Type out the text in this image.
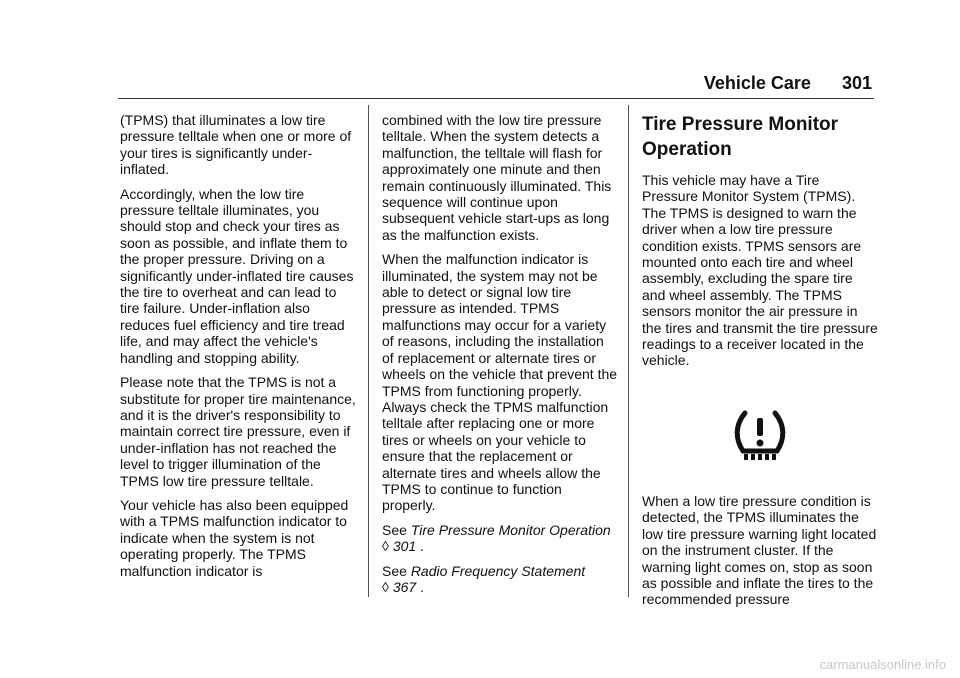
Vehicle Care 301

(TPMS) that illuminates a low tire pressure telltale when one or more of your tires is significantly under-inflated.

Accordingly, when the low tire pressure telltale illuminates, you should stop and check your tires as soon as possible, and inflate them to the proper pressure. Driving on a significantly under-inflated tire causes the tire to overheat and can lead to tire failure. Under-inflation also reduces fuel efficiency and tire tread life, and may affect the vehicle's handling and stopping ability.

Please note that the TPMS is not a substitute for proper tire maintenance, and it is the driver's responsibility to maintain correct tire pressure, even if under-inflation has not reached the level to trigger illumination of the TPMS low tire pressure telltale.

Your vehicle has also been equipped with a TPMS malfunction indicator to indicate when the system is not operating properly. The TPMS malfunction indicator is

combined with the low tire pressure telltale. When the system detects a malfunction, the telltale will flash for approximately one minute and then remain continuously illuminated. This sequence will continue upon subsequent vehicle start-ups as long as the malfunction exists.

When the malfunction indicator is illuminated, the system may not be able to detect or signal low tire pressure as intended. TPMS malfunctions may occur for a variety of reasons, including the installation of replacement or alternate tires or wheels on the vehicle that prevent the TPMS from functioning properly. Always check the TPMS malfunction telltale after replacing one or more tires or wheels on your vehicle to ensure that the replacement or alternate tires and wheels allow the TPMS to continue to function properly.

See Tire Pressure Monitor Operation ◊ 301 .

See Radio Frequency Statement
◊ 367 .

Tire Pressure Monitor Operation

This vehicle may have a Tire Pressure Monitor System (TPMS). The TPMS is designed to warn the driver when a low tire pressure condition exists. TPMS sensors are mounted onto each tire and wheel assembly, excluding the spare tire and wheel assembly. The TPMS sensors monitor the air pressure in the tires and transmit the tire pressure readings to a receiver located in the vehicle.

When a low tire pressure condition is detected, the TPMS illuminates the low tire pressure warning light located on the instrument cluster. If the warning light comes on, stop as soon as possible and inflate the tires to the recommended pressure

carmanualsonline.info
